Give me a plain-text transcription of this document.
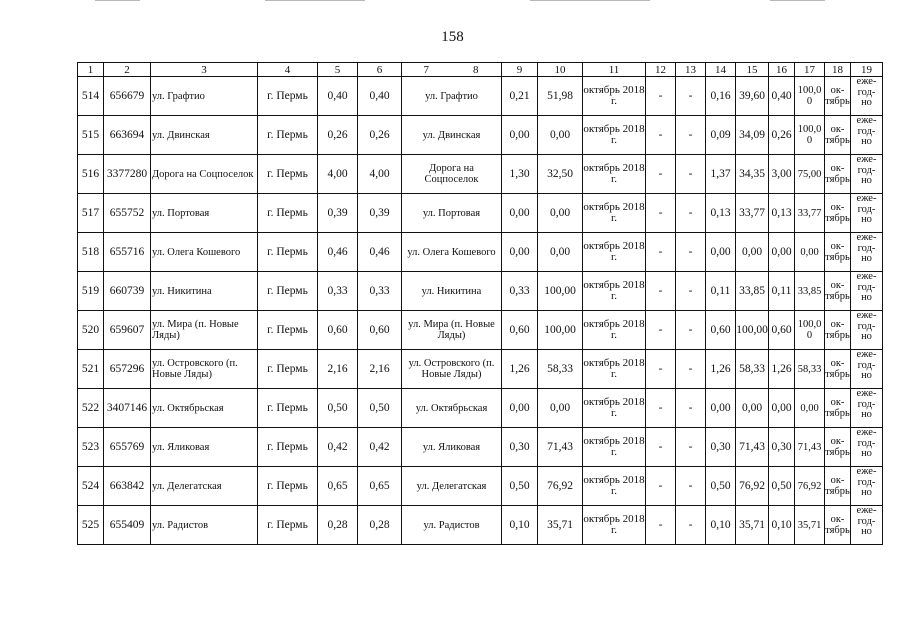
158
1	2	3	4	5	6	7	8	9	10	11	12	13	14	15	16	17	18	19
514	656679	ул. Графтио	г. Пермь	0,40	0,40	ул. Графтио		0,21	51,98	октябрь 2018 г.	-	-	0,16	39,60	0,40	100,0 0	ок- тябрь	еже- год- но
515	663694	ул. Двинская	г. Пермь	0,26	0,26	ул. Двинская		0,00	0,00	октябрь 2018 г.	-	-	0,09	34,09	0,26	100,0 0	ок- тябрь	еже- год- но
516	3377280	Дорога на Соцпоселок	г. Пермь	4,00	4,00	Дорога на Соцпоселок		1,30	32,50	октябрь 2018 г.	-	-	1,37	34,35	3,00	75,00	ок- тябрь	еже- год- но
517	655752	ул. Портовая	г. Пермь	0,39	0,39	ул. Портовая		0,00	0,00	октябрь 2018 г.	-	-	0,13	33,77	0,13	33,77	ок- тябрь	еже- год- но
518	655716	ул. Олега Кошевого	г. Пермь	0,46	0,46	ул. Олега Кошевого		0,00	0,00	октябрь 2018 г.	-	-	0,00	0,00	0,00	0,00	ок- тябрь	еже- год- но
519	660739	ул. Никитина	г. Пермь	0,33	0,33	ул. Никитина		0,33	100,00	октябрь 2018 г.	-	-	0,11	33,85	0,11	33,85	ок- тябрь	еже- год- но
520	659607	ул. Мира (п. Новые Ляды)	г. Пермь	0,60	0,60	ул. Мира (п. Новые Ляды)		0,60	100,00	октябрь 2018 г.	-	-	0,60	100,00	0,60	100,0 0	ок- тябрь	еже- год- но
521	657296	ул. Островского (п. Новые Ляды)	г. Пермь	2,16	2,16	ул. Островского (п. Новые Ляды)		1,26	58,33	октябрь 2018 г.	-	-	1,26	58,33	1,26	58,33	ок- тябрь	еже- год- но
522	3407146	ул. Октябрьская	г. Пермь	0,50	0,50	ул. Октябрьская		0,00	0,00	октябрь 2018 г.	-	-	0,00	0,00	0,00	0,00	ок- тябрь	еже- год- но
523	655769	ул. Яликовая	г. Пермь	0,42	0,42	ул. Яликовая		0,30	71,43	октябрь 2018 г.	-	-	0,30	71,43	0,30	71,43	ок- тябрь	еже- год- но
524	663842	ул. Делегатская	г. Пермь	0,65	0,65	ул. Делегатская		0,50	76,92	октябрь 2018 г.	-	-	0,50	76,92	0,50	76,92	ок- тябрь	еже- год- но
525	655409	ул. Радистов	г. Пермь	0,28	0,28	ул. Радистов		0,10	35,71	октябрь 2018 г.	-	-	0,10	35,71	0,10	35,71	ок- тябрь	еже- год- но
